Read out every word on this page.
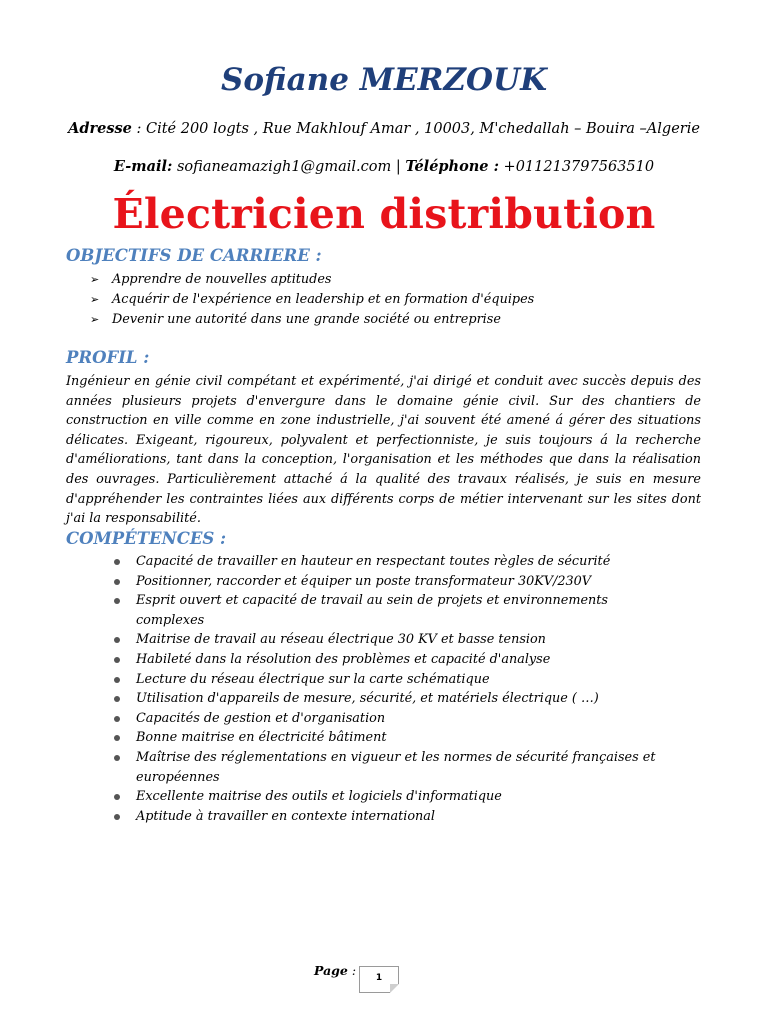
Sofiane MERZOUK
Adresse : Cité 200 logts , Rue Makhlouf Amar , 10003, M'chedallah – Bouira –Algerie
E-mail: sofianeamazigh1@gmail.com | Téléphone : +011213797563510
Électricien distribution
OBJECTIFS DE CARRIERE :
➢ Apprendre de nouvelles aptitudes
➢ Acquérir de l'expérience en leadership et en formation d'équipes
➢ Devenir une autorité dans une grande société ou entreprise
PROFIL :

Ingénieur en génie civil compétant et expérimenté, j'ai dirigé et conduit avec succès depuis des années plusieurs projets d'envergure dans le domaine génie civil. Sur des chantiers de construction en ville comme en zone industrielle, j'ai souvent été amené á gérer des situations délicates. Exigeant, rigoureux, polyvalent et perfectionniste, je suis toujours á la recherche d'améliorations, tant dans la conception, l'organisation et les méthodes que dans la réalisation des ouvrages. Particulièrement attaché á la qualité des travaux réalisés, je suis en mesure d'appréhender les contraintes liées aux différents corps de métier intervenant sur les sites dont j'ai la responsabilité.

COMPÉTENCES :
Capacité de travailler en hauteur en respectant toutes règles de sécurité
Positionner, raccorder et équiper un poste transformateur 30KV/230V
Esprit ouvert et capacité de travail au sein de projets et environnements complexes
Maitrise de travail au réseau électrique 30 KV et basse tension
Habileté dans la résolution des problèmes et capacité d'analyse
Lecture du réseau électrique sur la carte schématique
Utilisation d'appareils de mesure, sécurité, et matériels électrique ( …)
Capacités de gestion et d'organisation
Bonne maitrise en électricité bâtiment
Maîtrise des réglementations en vigueur et les normes de sécurité françaises et européennes
Excellente maitrise des outils et logiciels d'informatique
Aptitude à travailler en contexte international
Page :	1
